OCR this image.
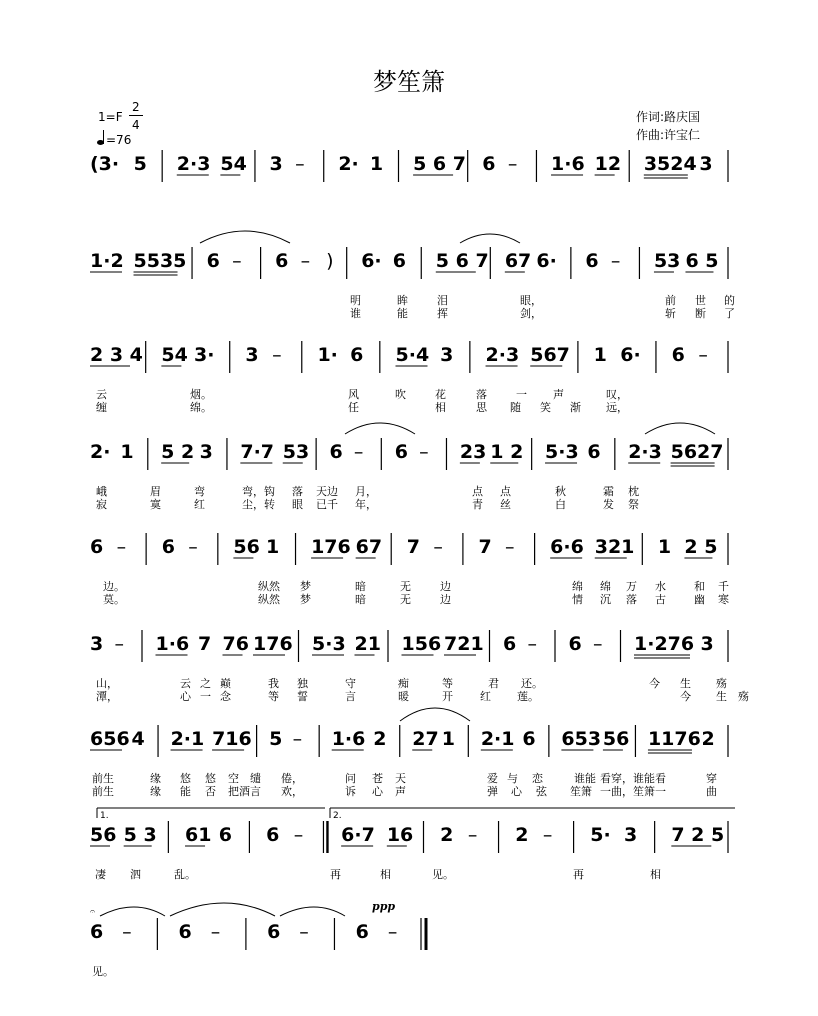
梦笙箫
1=F
2
4
=76
作词:路庆国
作曲:许宝仁
(3· 5 2·3 54 3 – 2· 1 5 6 7 6 – 1·6 12 3524 3
1·2 5535 6 – 6 – ) 6· 6 5 6 7 67 6· 6 – 53 6 5
明	眸	泪	眼，	前 世 的
谁	能	挥	剑，	斩 断 了
2 3 4 54 3· 3 – 1· 6 5·4 3 2·3 567 1 6· 6 –
云	烟。	风	吹	花	落	一 声	叹，
缠	绵。	任	相	思 随 笑 渐 远，
2· 1 5 2 3 7·7 53 6 – 6 – 23 1 2 5·3 6 2·3 5627
峨	眉	弯	弯，钩 落 天边 月，	点 点	秋	霜 枕
寂	寞	红	尘，转 眼 已千 年，	青 丝	白	发 祭
6 – 6 – 56 1 176 67 7 – 7 – 6·6 321 1 2 5
边。	纵然 梦	暗	无	边	绵 绵 万 水	和 千
莫。	纵然 梦	暗	无	边	情 沉 落 古	幽 寒
3 – 1·6 7 76 176 5·3 21 156 721 6 – 6 – 1·276 3
山，	云 之 巅	我 独	守	痴	等	君 还。	今 生 殇
潭，	心 一 念	等 誓	言	暖	开 红 莲。	今 生 殇
656 4 2·1 716 5 – 1·6 2 27 1 2·1 6 653 56 1176 2
前生	缘 悠 悠 空 缱 倦，	问 苍 天	爱 与 恋	谁能 看穿，谁能看	穿
前生	缘 能 否 把酒言 欢，	诉 心 声	弹 心 弦 笙箫 一曲，笙箫一	曲
56 5 3 61 6 6 – 6·7 16 2 – 2 – 5· 3 7 2 5
凄 泗	乱。	再	相	见。	再	相
6 – 6 – 6 – 6 –
见。
1.	2.
𝄐	ppp
